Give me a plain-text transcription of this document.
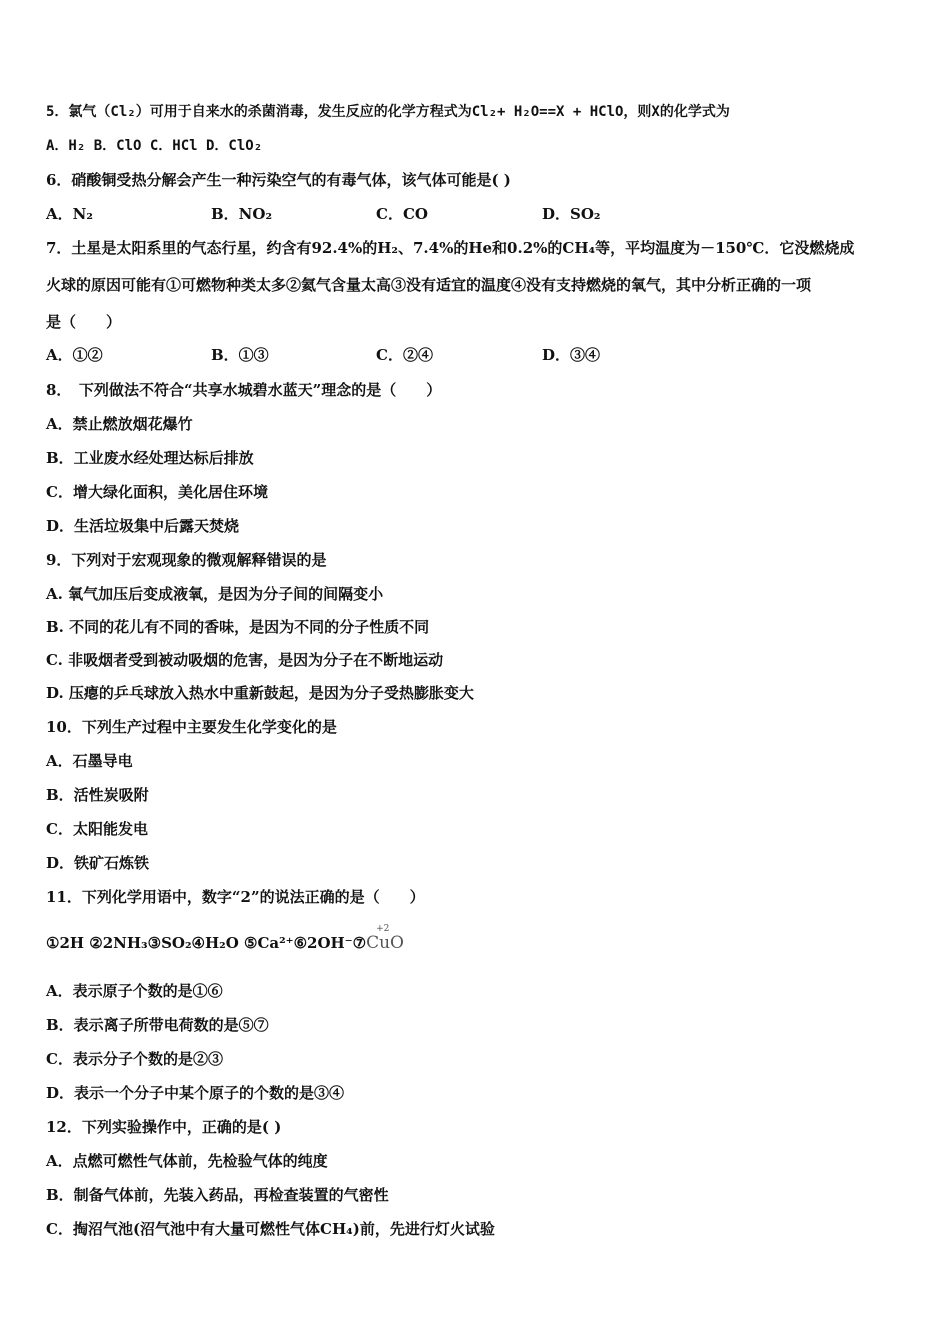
5．氯气（Cl₂）可用于自来水的杀菌消毒，发生反应的化学方程式为Cl₂+ H₂O==X + HClO，则X的化学式为
A．H₂ B．ClO C．HCl D．ClO₂
6．硝酸铜受热分解会产生一种污染空气的有毒气体，该气体可能是( )
A．N₂	B．NO₂	C．CO	D．SO₂
7．土星是太阳系里的气态行星，约含有92.4%的H₂、7.4%的He和0.2%的CH₄等，平均温度为－150℃．它没燃烧成
火球的原因可能有①可燃物种类太多②氦气含量太高③没有适宜的温度④没有支持燃烧的氧气，其中分析正确的一项
是（　　）
A．①②	B．①③	C．②④	D．③④
8．　下列做法不符合“共享水城碧水蓝天”理念的是（　　）
A．禁止燃放烟花爆竹
B．工业废水经处理达标后排放
C．增大绿化面积，美化居住环境
D．生活垃圾集中后露天焚烧
9．下列对于宏观现象的微观解释错误的是
A. 氧气加压后变成液氧，是因为分子间的间隔变小
B. 不同的花儿有不同的香味，是因为不同的分子性质不同
C. 非吸烟者受到被动吸烟的危害，是因为分子在不断地运动
D. 压瘪的乒乓球放入热水中重新鼓起，是因为分子受热膨胀变大
10．下列生产过程中主要发生化学变化的是
A．石墨导电
B．活性炭吸附
C．太阳能发电
D．铁矿石炼铁
11．下列化学用语中，数字“2”的说法正确的是（　　）
①2H ②2NH₃③SO₂④H₂O ⑤Ca²⁺⑥2OH⁻⑦
+2
CuO
A．表示原子个数的是①⑥
B．表示离子所带电荷数的是⑤⑦
C．表示分子个数的是②③
D．表示一个分子中某个原子的个数的是③④
12．下列实验操作中，正确的是( )
A．点燃可燃性气体前，先检验气体的纯度
B．制备气体前，先装入药品，再检查装置的气密性
C．掏沼气池(沼气池中有大量可燃性气体CH₄)前，先进行灯火试验
